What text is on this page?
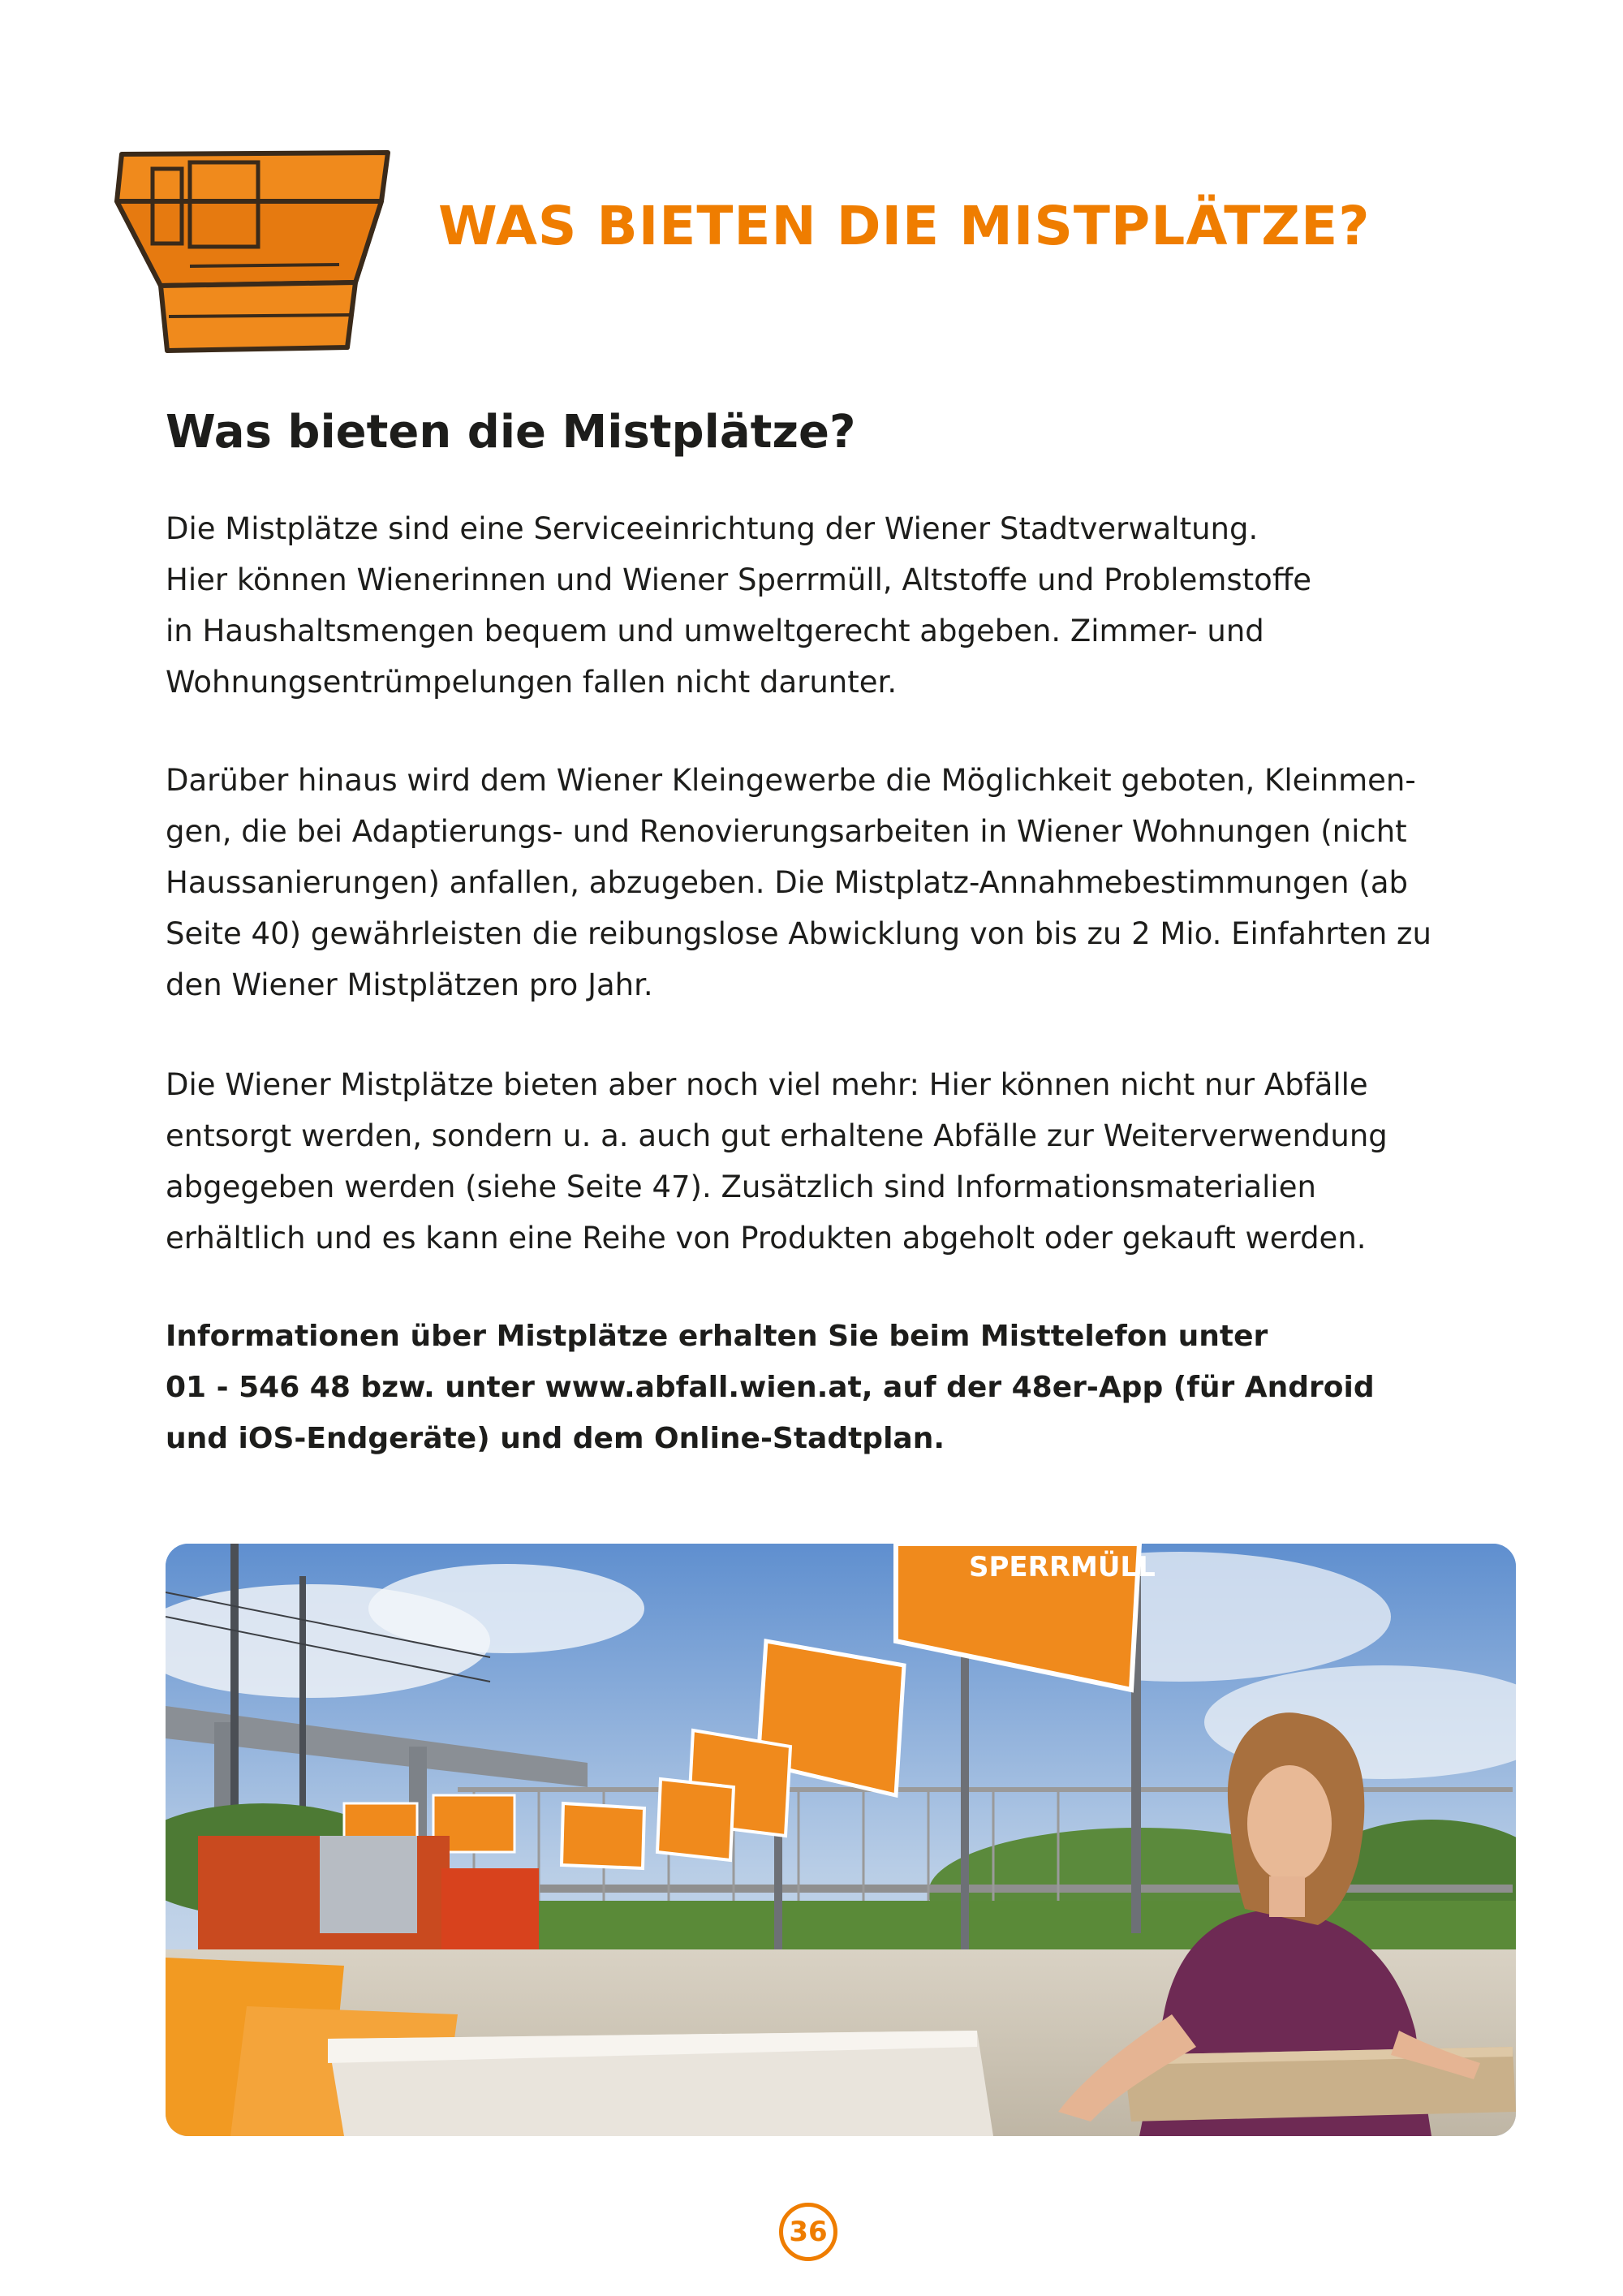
WAS BIETEN DIE MISTPLÄTZE?
Was bieten die Mistplätze?

Die Mistplätze sind eine Serviceeinrichtung der Wiener Stadtverwaltung.
Hier können Wienerinnen und Wiener Sperrmüll, Altstoffe und Problemstoffe
in Haushaltsmengen bequem und umweltgerecht abgeben. Zimmer- und
Wohnungsentrümpelungen fallen nicht darunter.

Darüber hinaus wird dem Wiener Kleingewerbe die Möglichkeit geboten, Kleinmen-
gen, die bei Adaptierungs- und Renovierungsarbeiten in Wiener Wohnungen (nicht
Haussanierungen) anfallen, abzugeben. Die Mistplatz-Annahmebestimmungen (ab
Seite 40) gewährleisten die reibungslose Abwicklung von bis zu 2 Mio. Einfahrten zu
den Wiener Mistplätzen pro Jahr.

Die Wiener Mistplätze bieten aber noch viel mehr: Hier können nicht nur Abfälle
entsorgt werden, sondern u. a. auch gut erhaltene Abfälle zur Weiterverwendung
abgegeben werden (siehe Seite 47). Zusätzlich sind Informationsmaterialien
erhältlich und es kann eine Reihe von Produkten abgeholt oder gekauft werden.

Informationen über Mistplätze erhalten Sie beim Misttelefon unter
01 - 546 48 bzw. unter www.abfall.wien.at, auf der 48er-App (für Android
und iOS-Endgeräte) und dem Online-Stadtplan.

SPERRMÜLL
36
